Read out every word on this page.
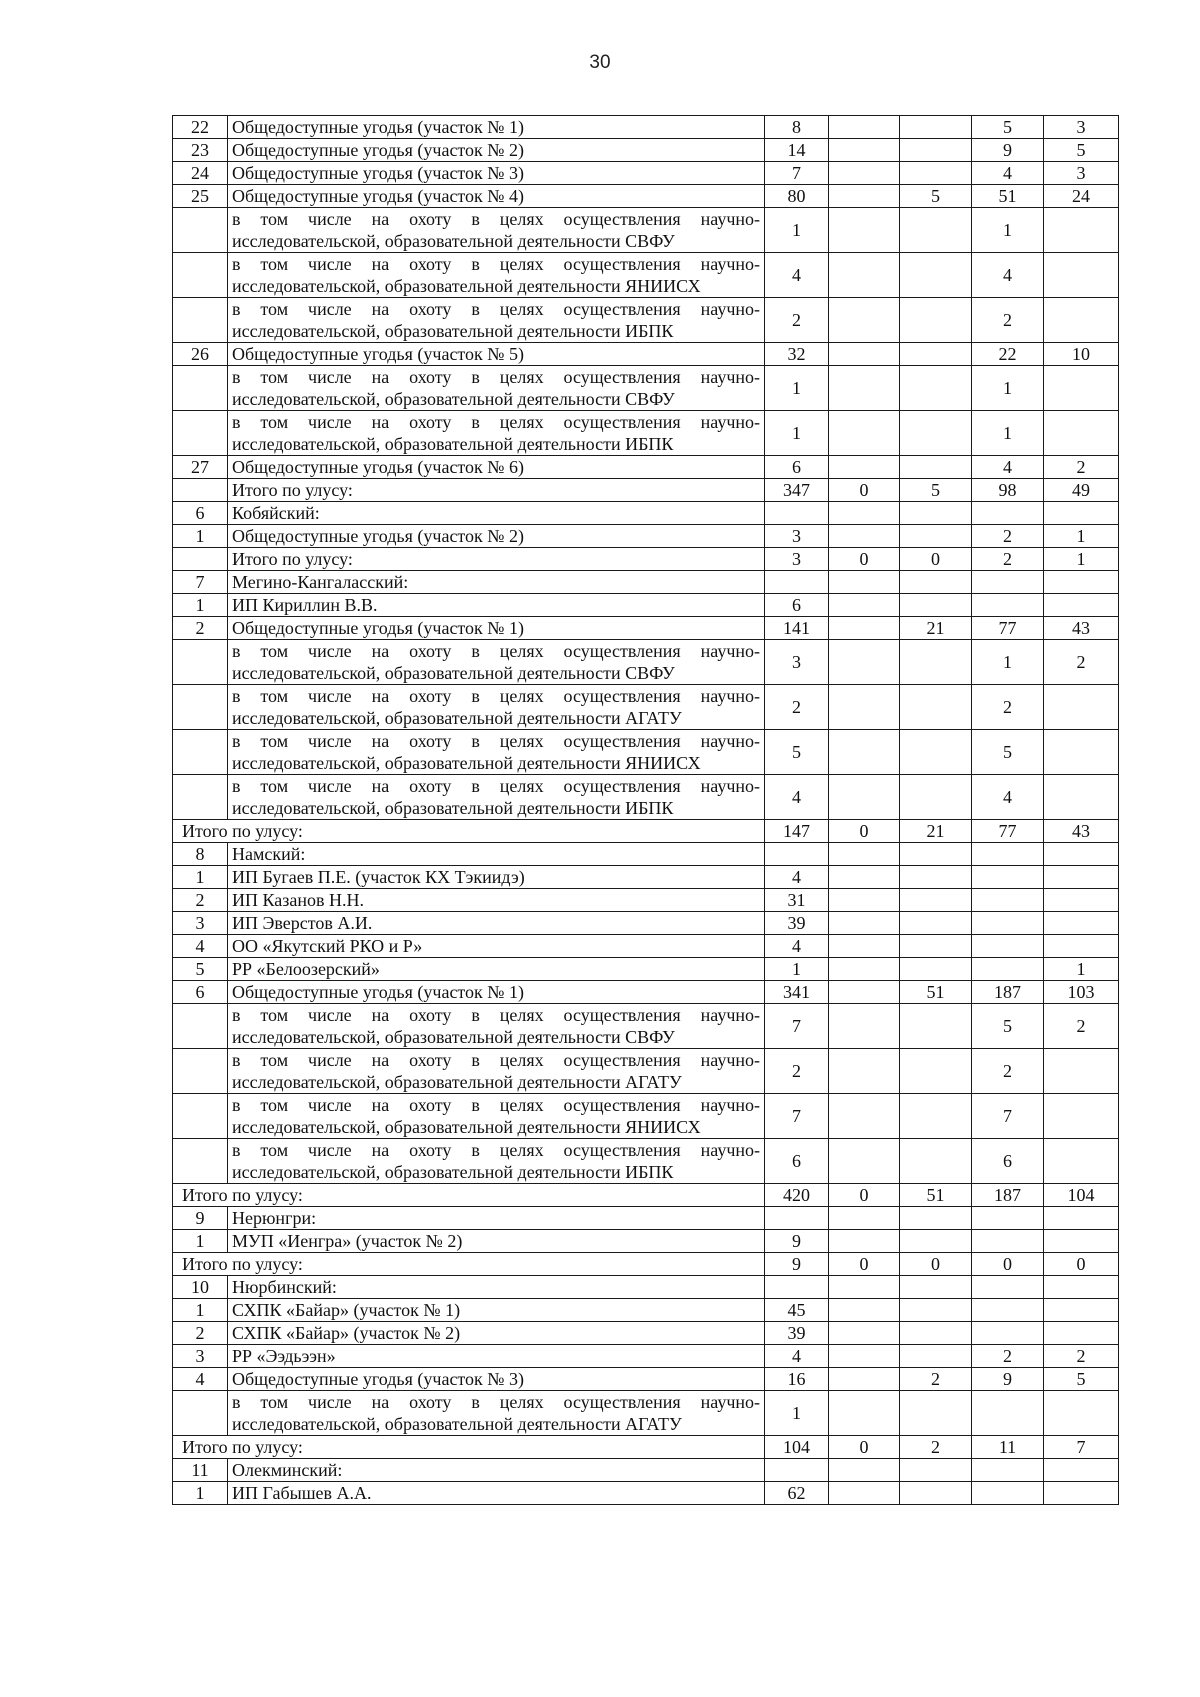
30
22	Общедоступные угодья (участок № 1)	8			5	3
23	Общедоступные угодья (участок № 2)	14			9	5
24	Общедоступные угодья (участок № 3)	7			4	3
25	Общедоступные угодья (участок № 4)	80		5	51	24

	в том числе на охоту в целях осуществления научно-
исследовательской, образовательной деятельности СВФУ	1			1	

	в том числе на охоту в целях осуществления научно-
исследовательской, образовательной деятельности ЯНИИСХ	4			4	

	в том числе на охоту в целях осуществления научно-
исследовательской, образовательной деятельности ИБПК	2			2	
26	Общедоступные угодья (участок № 5)	32			22	10

	в том числе на охоту в целях осуществления научно-
исследовательской, образовательной деятельности СВФУ	1			1	

	в том числе на охоту в целях осуществления научно-
исследовательской, образовательной деятельности ИБПК	1			1	
27	Общедоступные угодья (участок № 6)	6			4	2
	Итого по улусу:	347	0	5	98	49
6	Кобяйский:					
1	Общедоступные угодья (участок № 2)	3			2	1
	Итого по улусу:	3	0	0	2	1
7	Мегино-Кангаласский:					
1	ИП Кириллин В.В.	6				
2	Общедоступные угодья (участок № 1)	141		21	77	43

	в том числе на охоту в целях осуществления научно-
исследовательской, образовательной деятельности СВФУ	3			1	2

	в том числе на охоту в целях осуществления научно-
исследовательской, образовательной деятельности АГАТУ	2			2	

	в том числе на охоту в целях осуществления научно-
исследовательской, образовательной деятельности ЯНИИСХ	5			5	

	в том числе на охоту в целях осуществления научно-
исследовательской, образовательной деятельности ИБПК	4			4	
Итого по улусу:		147	0	21	77	43
8	Намский:					
1	ИП Бугаев П.Е. (участок КХ Тэкиидэ)	4				
2	ИП Казанов Н.Н.	31				
3	ИП Эверстов А.И.	39				
4	ОО «Якутский РКО и Р»	4				
5	РР «Белоозерский»	1				1
6	Общедоступные угодья (участок № 1)	341		51	187	103

	в том числе на охоту в целях осуществления научно-
исследовательской, образовательной деятельности СВФУ	7			5	2

	в том числе на охоту в целях осуществления научно-
исследовательской, образовательной деятельности АГАТУ	2			2	

	в том числе на охоту в целях осуществления научно-
исследовательской, образовательной деятельности ЯНИИСХ	7			7	

	в том числе на охоту в целях осуществления научно-
исследовательской, образовательной деятельности ИБПК	6			6	
Итого по улусу:		420	0	51	187	104
9	Нерюнгри:					
1	МУП «Иенгра» (участок № 2)	9				
Итого по улусу:		9	0	0	0	0
10	Нюрбинский:					
1	СХПК «Байар» (участок № 1)	45				
2	СХПК «Байар» (участок № 2)	39				
3	РР «Ээдьээн»	4			2	2
4	Общедоступные угодья (участок № 3)	16		2	9	5

	в том числе на охоту в целях осуществления научно-
исследовательской, образовательной деятельности АГАТУ	1				
Итого по улусу:		104	0	2	11	7
11	Олекминский:					
1	ИП Габышев А.А.	62				
